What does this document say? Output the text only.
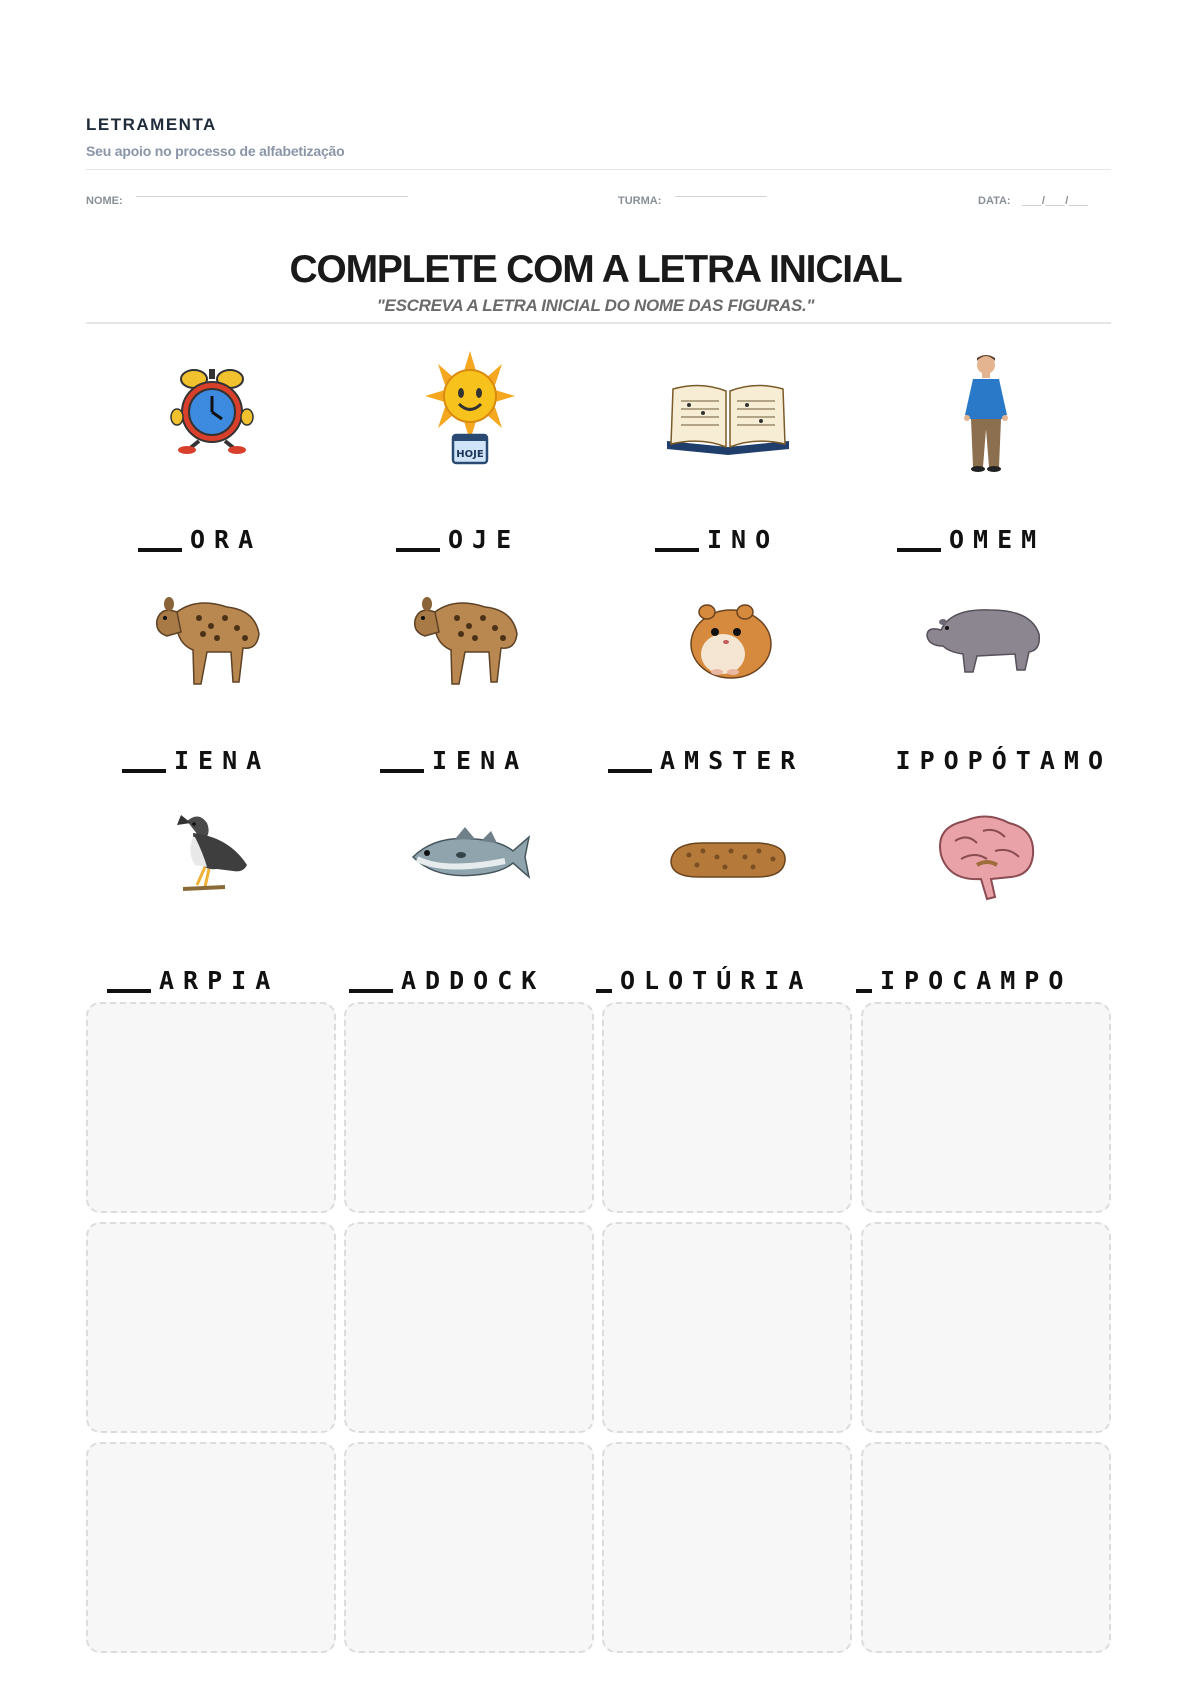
LETRAMENTA
Seu apoio no processo de alfabetização
NOME:	TURMA:	DATA: ___/___/___
COMPLETE COM A LETRA INICIAL
"ESCREVA A LETRA INICIAL DO NOME DAS FIGURAS."
HOJE
ORA	OJE	INO	OMEM
IENA	IENA	AMSTER	IPOPÓTAMO
ARPIA	ADDOCK	OLOTÚRIA	IPOCAMPO
